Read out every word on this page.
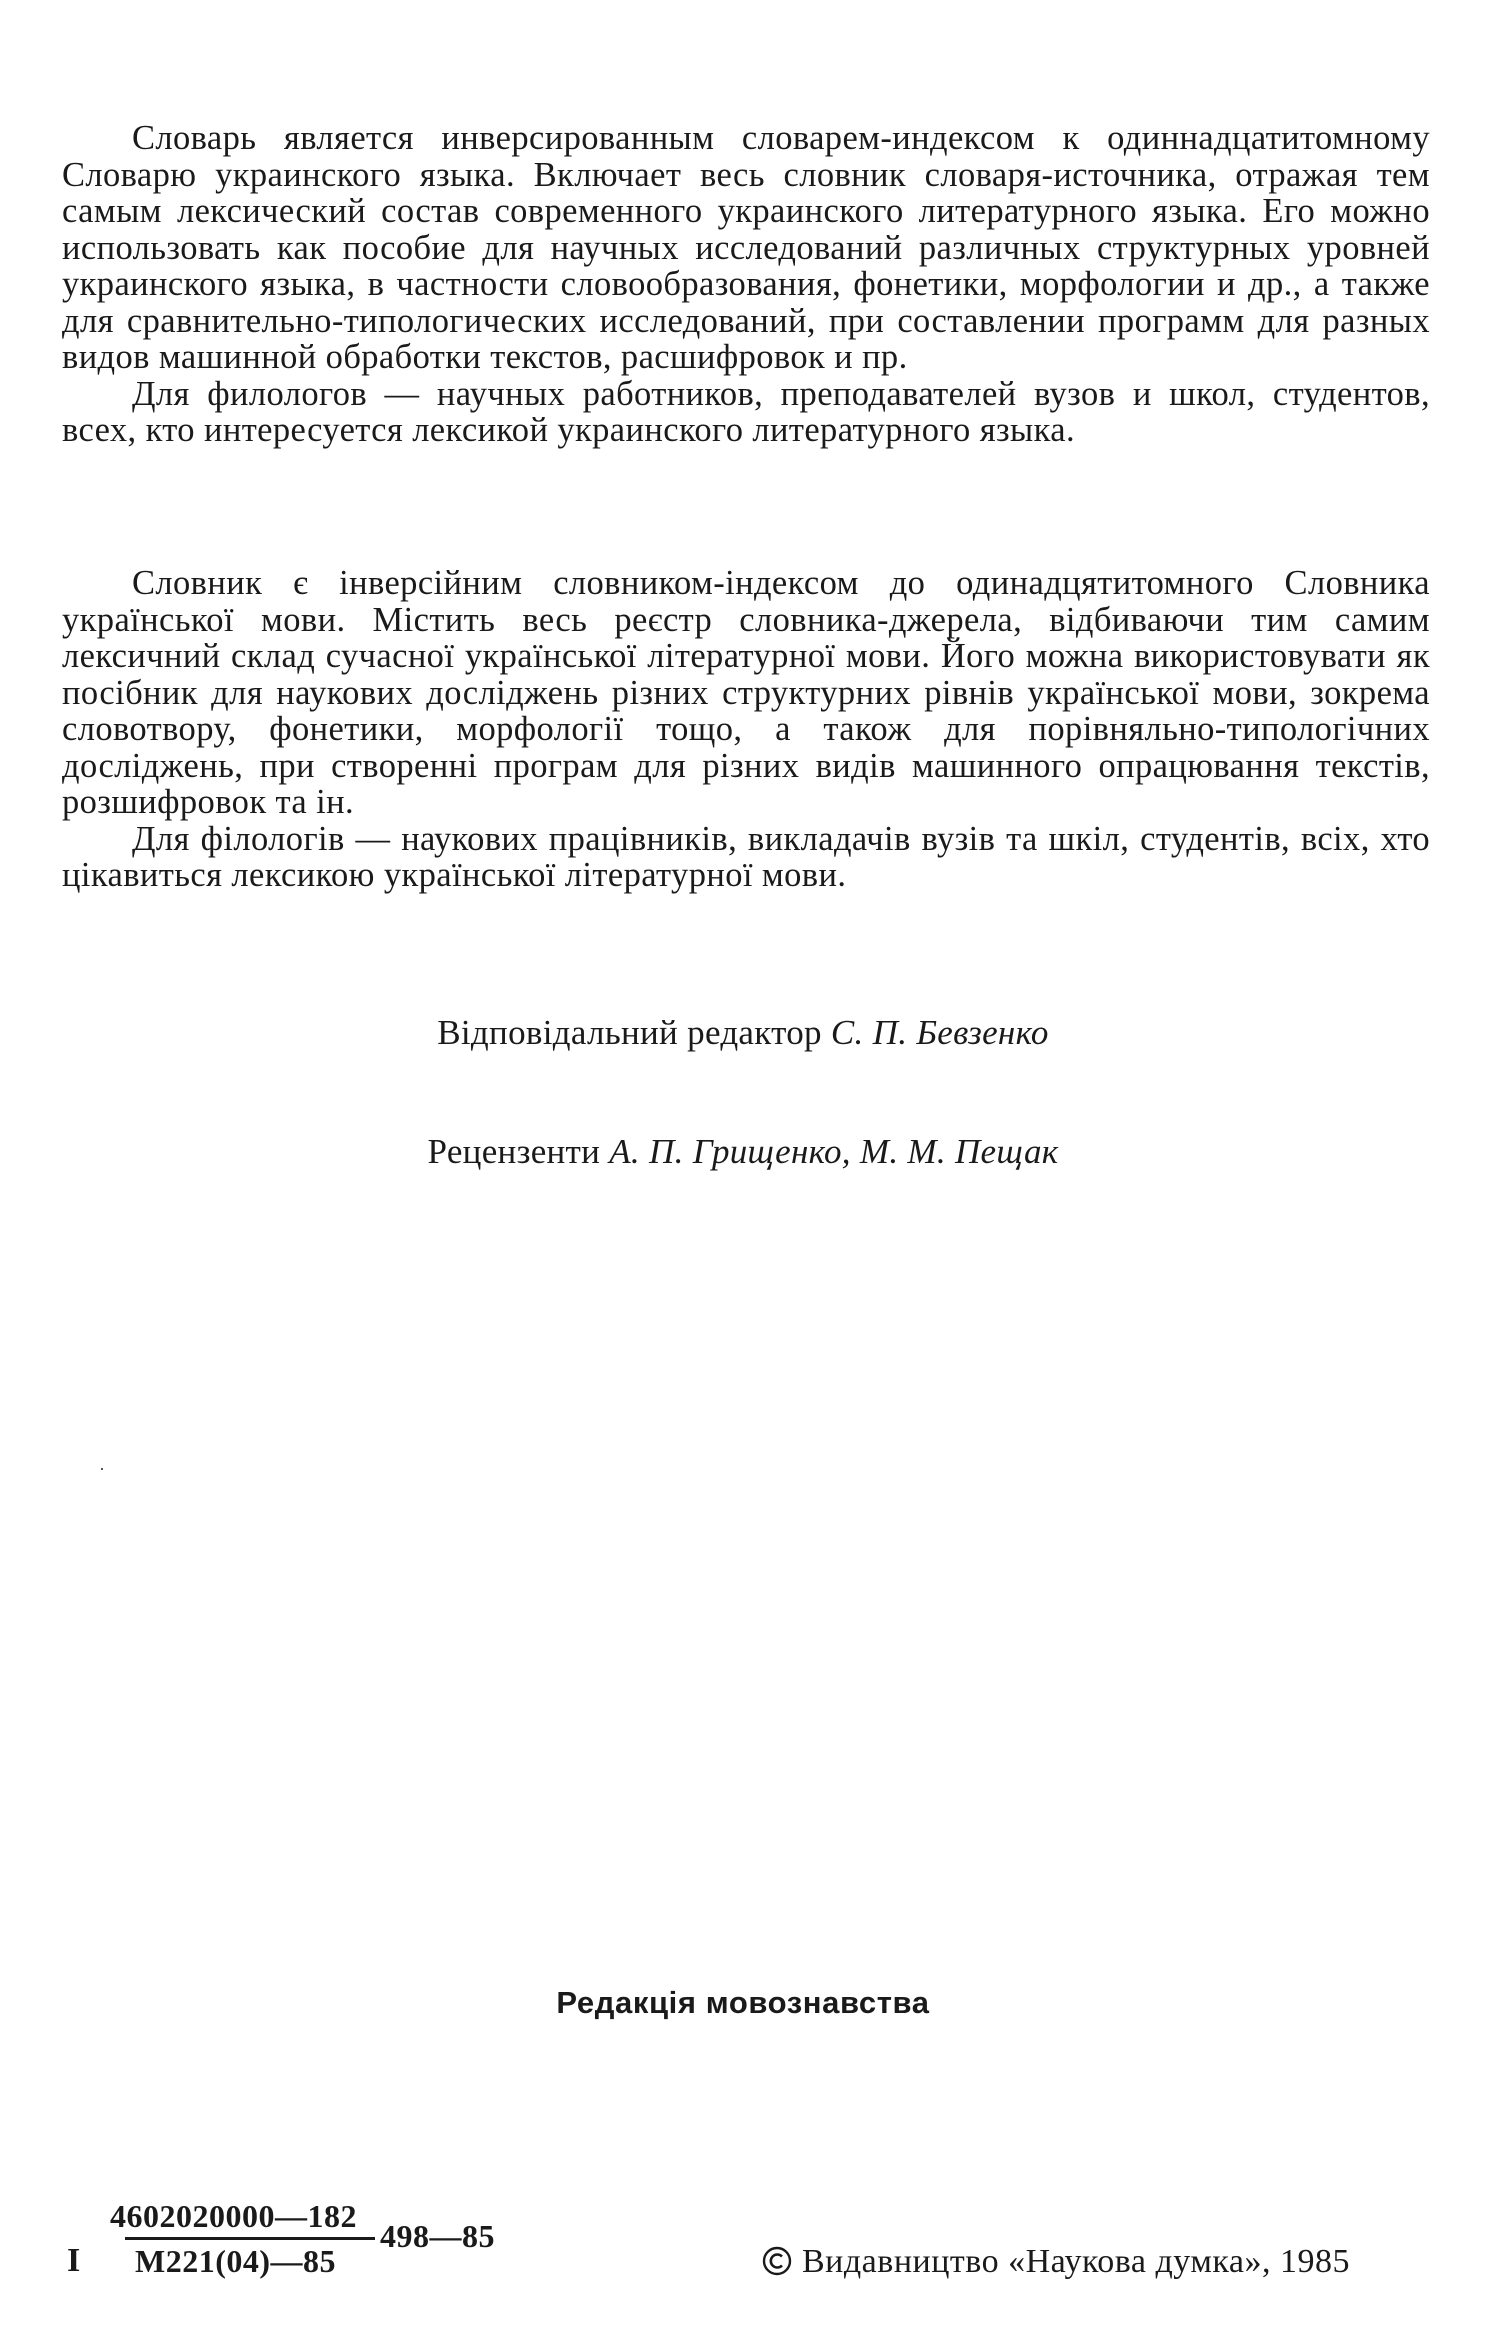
Словарь является инверсированным словарем-индексом к одиннадцатитомному Словарю украинского языка. Включает весь словник словаря-источника, отражая тем самым лексический состав современного украинского литературного языка. Его можно использовать как пособие для научных исследований различных структурных уровней украинского языка, в частности словообразования, фонетики, морфологии и др., а также для сравнительно-типологических исследований, при составлении программ для разных видов машинной обработки текстов, расшифровок и пр.

Для филологов — научных работников, преподавателей вузов и школ, студентов, всех, кто интересуется лексикой украинского литературного языка.

Словник є інверсійним словником-індексом до одинадцятитомного Словника української мови. Містить весь реєстр словника-джерела, відбиваючи тим самим лексичний склад сучасної української літературної мови. Його можна використовувати як посібник для наукових досліджень різних структурних рівнів української мови, зокрема словотвору, фонетики, морфології тощо, а також для порівняльно-типологічних досліджень, при створенні програм для різних видів машинного опрацювання текстів, розшифровок та ін.

Для філологів — наукових працівників, викладачів вузів та шкіл, студентів, всіх, хто цікавиться лексикою української літературної мови.

Відповідальний редактор С. П. Бевзенко
Рецензенти А. П. Грищенко, М. М. Пещак
Редакція мовознавства
I
4602020000—182
М221(04)—85
498—85
Видавництво «Наукова думка», 1985
